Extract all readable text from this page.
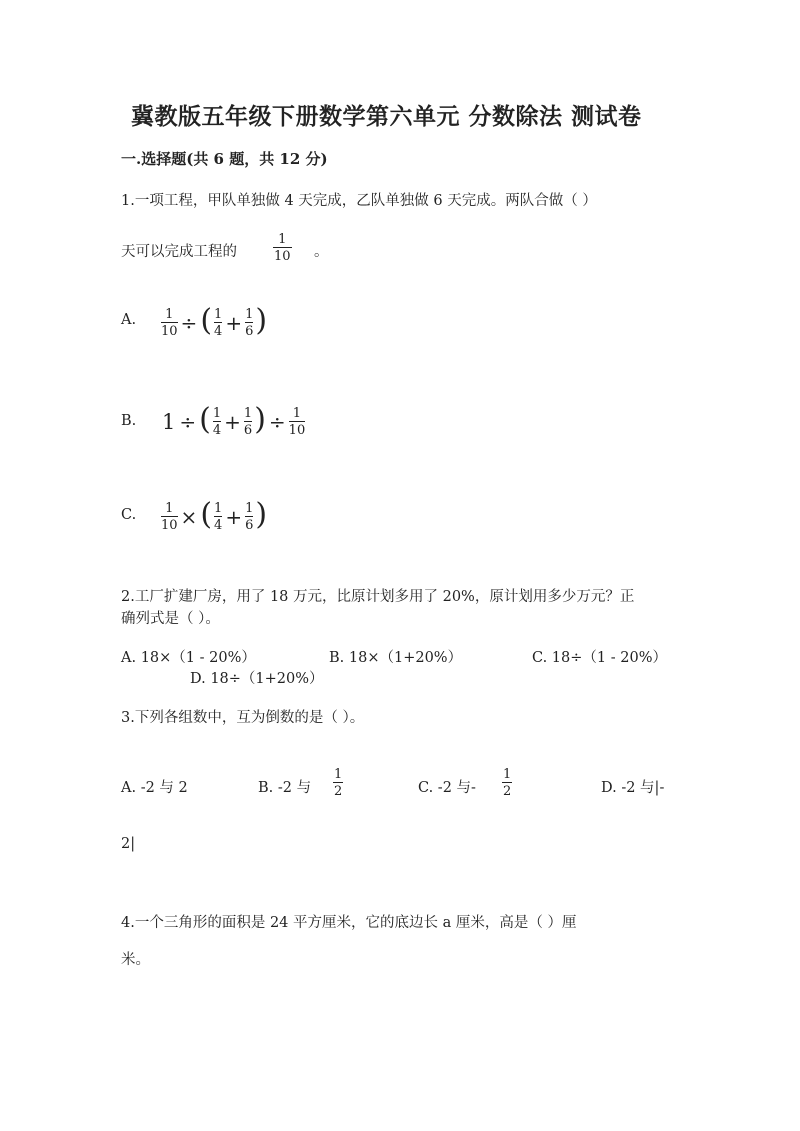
冀教版五年级下册数学第六单元 分数除法 测试卷
一.选择题(共 6 题，共 12 分)
1.一项工程，甲队单独做 4 天完成，乙队单独做 6 天完成。两队合做（ ）
天可以完成工程的
1
10 。
A. 1
10 ÷ ( 1
4 + 1
6 )
B. 1 ÷ ( 1
4 + 1
6 ) ÷ 1
10
C. 1
10 × ( 1
4 + 1
6 )
2.工厂扩建厂房，用了 18 万元，比原计划多用了 20%，原计划用多少万元？正
确列式是（ ）。
A. 18×（1 - 20%）	B. 18×（1+20%）	C. 18÷（1 - 20%）
D. 18÷（1+20%）
3.下列各组数中，互为倒数的是（ ）。
A. -2 与 2	B. -2 与
1
2	C. -2 与-
1
2	D. -2 与|-
2|
4.一个三角形的面积是 24 平方厘米，它的底边长 a 厘米，高是（ ）厘
米。
